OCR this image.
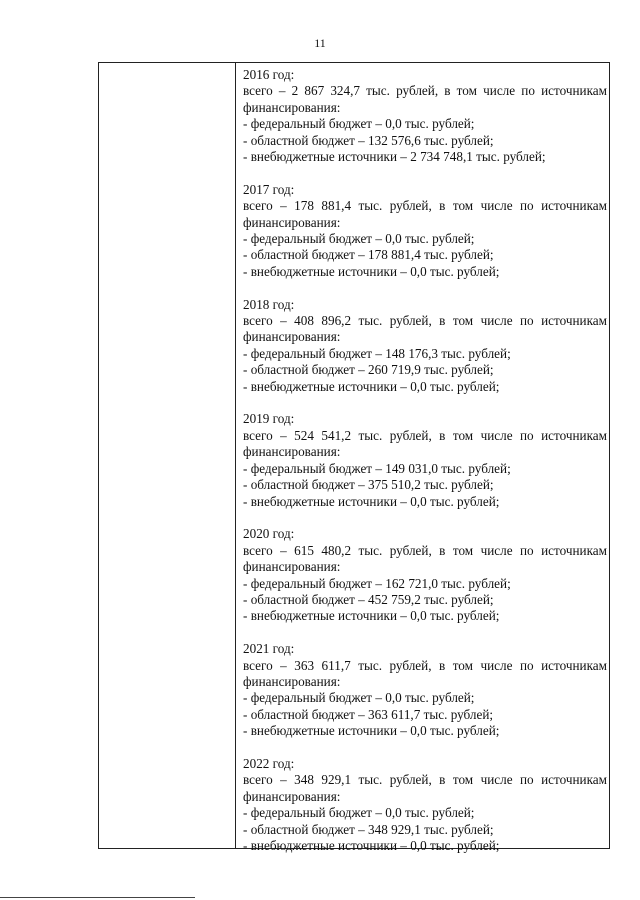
11
2016 год:
всего – 2 867 324,7 тыс. рублей, в том числе по источникам
финансирования:
- федеральный бюджет – 0,0 тыс. рублей;
- областной бюджет – 132 576,6 тыс. рублей;
- внебюджетные источники – 2 734 748,1 тыс. рублей;
2017 год:
всего – 178 881,4 тыс. рублей, в том числе по источникам
финансирования:
- федеральный бюджет – 0,0 тыс. рублей;
- областной бюджет – 178 881,4 тыс. рублей;
- внебюджетные источники – 0,0 тыс. рублей;
2018 год:
всего – 408 896,2 тыс. рублей, в том числе по источникам
финансирования:
- федеральный бюджет – 148 176,3 тыс. рублей;
- областной бюджет – 260 719,9 тыс. рублей;
- внебюджетные источники – 0,0 тыс. рублей;
2019 год:
всего – 524 541,2 тыс. рублей, в том числе по источникам
финансирования:
- федеральный бюджет – 149 031,0 тыс. рублей;
- областной бюджет – 375 510,2 тыс. рублей;
- внебюджетные источники – 0,0 тыс. рублей;
2020 год:
всего – 615 480,2 тыс. рублей, в том числе по источникам
финансирования:
- федеральный бюджет – 162 721,0 тыс. рублей;
- областной бюджет – 452 759,2 тыс. рублей;
- внебюджетные источники – 0,0 тыс. рублей;
2021 год:
всего – 363 611,7 тыс. рублей, в том числе по источникам
финансирования:
- федеральный бюджет – 0,0 тыс. рублей;
- областной бюджет – 363 611,7 тыс. рублей;
- внебюджетные источники – 0,0 тыс. рублей;
2022 год:
всего – 348 929,1 тыс. рублей, в том числе по источникам
финансирования:
- федеральный бюджет – 0,0 тыс. рублей;
- областной бюджет – 348 929,1 тыс. рублей;
- внебюджетные источники – 0,0 тыс. рублей;
